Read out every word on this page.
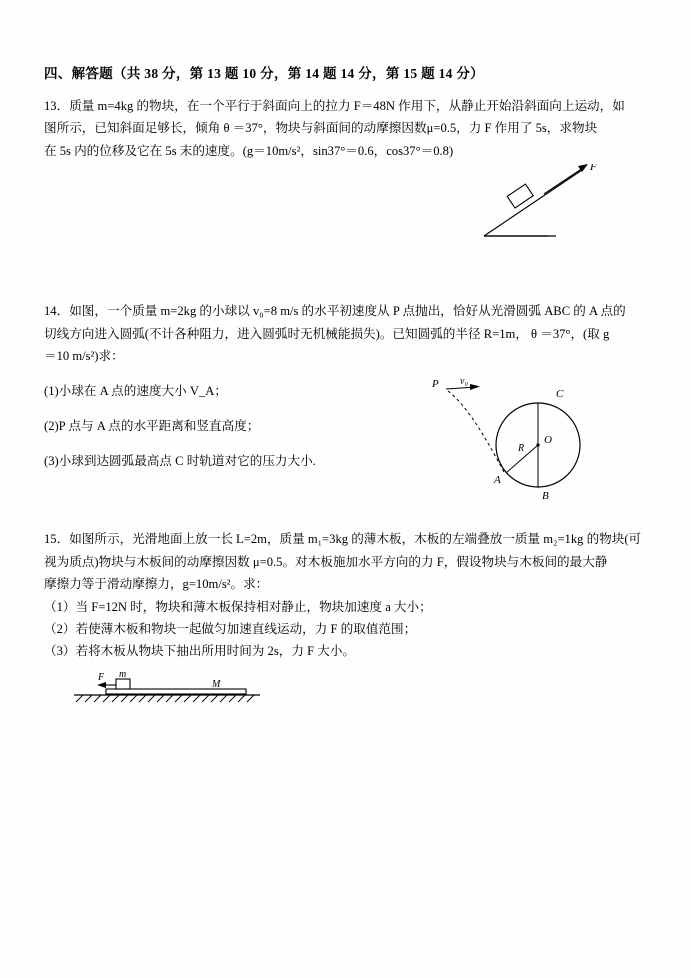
四、解答题（共 38 分，第 13 题 10 分，第 14 题 14 分，第 15 题 14 分）

13．质量 m=4kg 的物块，在一个平行于斜面向上的拉力 F＝48N 作用下，从静止开始沿斜面向上运动，如

图所示，已知斜面足够长，倾角 θ ＝37°，物块与斜面间的动摩擦因数μ=0.5，力 F 作用了 5s，求物块

在 5s 内的位移及它在 5s 末的速度。(g＝10m/s²，sin37°＝0.6，cos37°＝0.8)

F

14．如图，一个质量 m=2kg 的小球以 v₀=8 m/s 的水平初速度从 P 点抛出，恰好从光滑圆弧 ABC 的 A 点的

切线方向进入圆弧(不计各种阻力，进入圆弧时无机械能损失)。已知圆弧的半径 R=1m， θ ＝37°，(取 g

＝10 m/s²)求：

(1)小球在 A 点的速度大小 V_A；

(2)P 点与 A 点的水平距离和竖直高度；

(3)小球到达圆弧最高点 C 时轨道对它的压力大小.

P v₀
C
R
O
A
B

15．如图所示，光滑地面上放一长 L=2m，质量 m₁=3kg 的薄木板，木板的左端叠放一质量 m₂=1kg 的物块(可

视为质点)物块与木板间的动摩擦因数 μ=0.5。对木板施加水平方向的力 F，假设物块与木板间的最大静

摩擦力等于滑动摩擦力，g=10m/s²。求：

（1）当 F=12N 时，物块和薄木板保持相对静止，物块加速度 a 大小；

（2）若使薄木板和物块一起做匀加速直线运动，力 F 的取值范围；

（3）若将木板从物块下抽出所用时间为 2s，力 F 大小。

F m
M
